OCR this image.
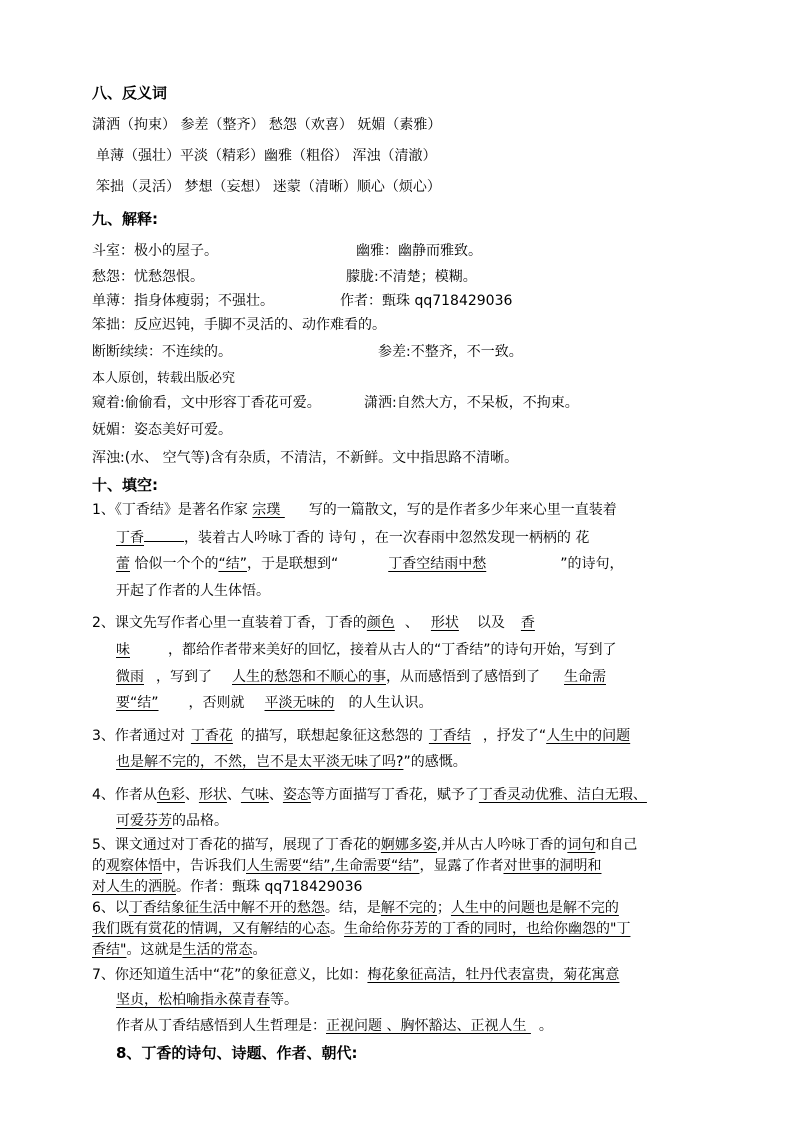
八、反义词
潇洒（拘束） 参差（整齐） 愁怨（欢喜） 妩媚（素雅）
单薄（强壮）平淡（精彩）幽雅（粗俗） 浑浊（清澈）
笨拙（灵活） 梦想（妄想） 迷蒙（清晰）顺心（烦心）
九、解释:
斗室：极小的屋子。	幽雅：幽静而雅致。
愁怨：忧愁怨恨。	朦胧:不清楚；模糊。
单薄：指身体瘦弱；不强壮。	作者：甄珠 qq718429036
笨拙：反应迟钝，手脚不灵活的、动作难看的。
断断续续：不连续的。	参差:不整齐，不一致。
本人原创，转载出版必究
窥着:偷偷看，文中形容丁香花可爱。	潇洒:自然大方，不呆板，不拘束。
妩媚：姿态美好可爱。
浑浊:(水、 空气等)含有杂质，不清洁，不新鲜。文中指思路不清晰。
十、填空:
1、《丁香结》是著名作家 宗璞 写的一篇散文，写的是作者多少年来心里一直装着
丁香	，装着古人吟咏丁香的 诗句 ，在一次春雨中忽然发现一柄柄的 花
蕾 恰似一个个的“结”，于是联想到“	丁香空结雨中愁	”的诗句，
开起了作者的人生体悟。
2、课文先写作者心里一直装着丁香，丁香的颜色 、 形状 以及 香
味	，都给作者带来美好的回忆，接着从古人的“丁香结”的诗句开始，写到了
微雨 ，写到了 人生的愁怨和不顺心的事，从而感悟到了感悟到了 生命需
要“结” ，否则就 平淡无味的 的人生认识。
3、作者通过对 丁香花 的描写，联想起象征这愁怨的 丁香结 ，抒发了“人生中的问题
也是解不完的，不然，岂不是太平淡无味了吗?”的感慨。
4、作者从色彩、形状、气味、姿态等方面描写丁香花，赋予了丁香灵动优雅、洁白无瑕、
可爱芬芳的品格。
5、课文通过对丁香花的描写，展现了丁香花的婀娜多姿,并从古人吟咏丁香的词句和自己
的观察体悟中，告诉我们人生需要“结”,生命需要“结”，显露了作者对世事的洞明和
对人生的洒脱。作者：甄珠 qq718429036
6、以丁香结象征生活中解不开的愁怨。结，是解不完的；人生中的问题也是解不完的
我们既有赏花的情调，又有解结的心态。生命给你芬芳的丁香的同时，也给你幽怨的"丁
香结"。这就是生活的常态。
7、你还知道生活中“花”的象征意义，比如：梅花象征高洁，牡丹代表富贵，菊花寓意
坚贞，松柏喻指永葆青春等。
作者从丁香结感悟到人生哲理是：正视问题 、胸怀豁达、正视人生 。
8、丁香的诗句、诗题、作者、朝代:
